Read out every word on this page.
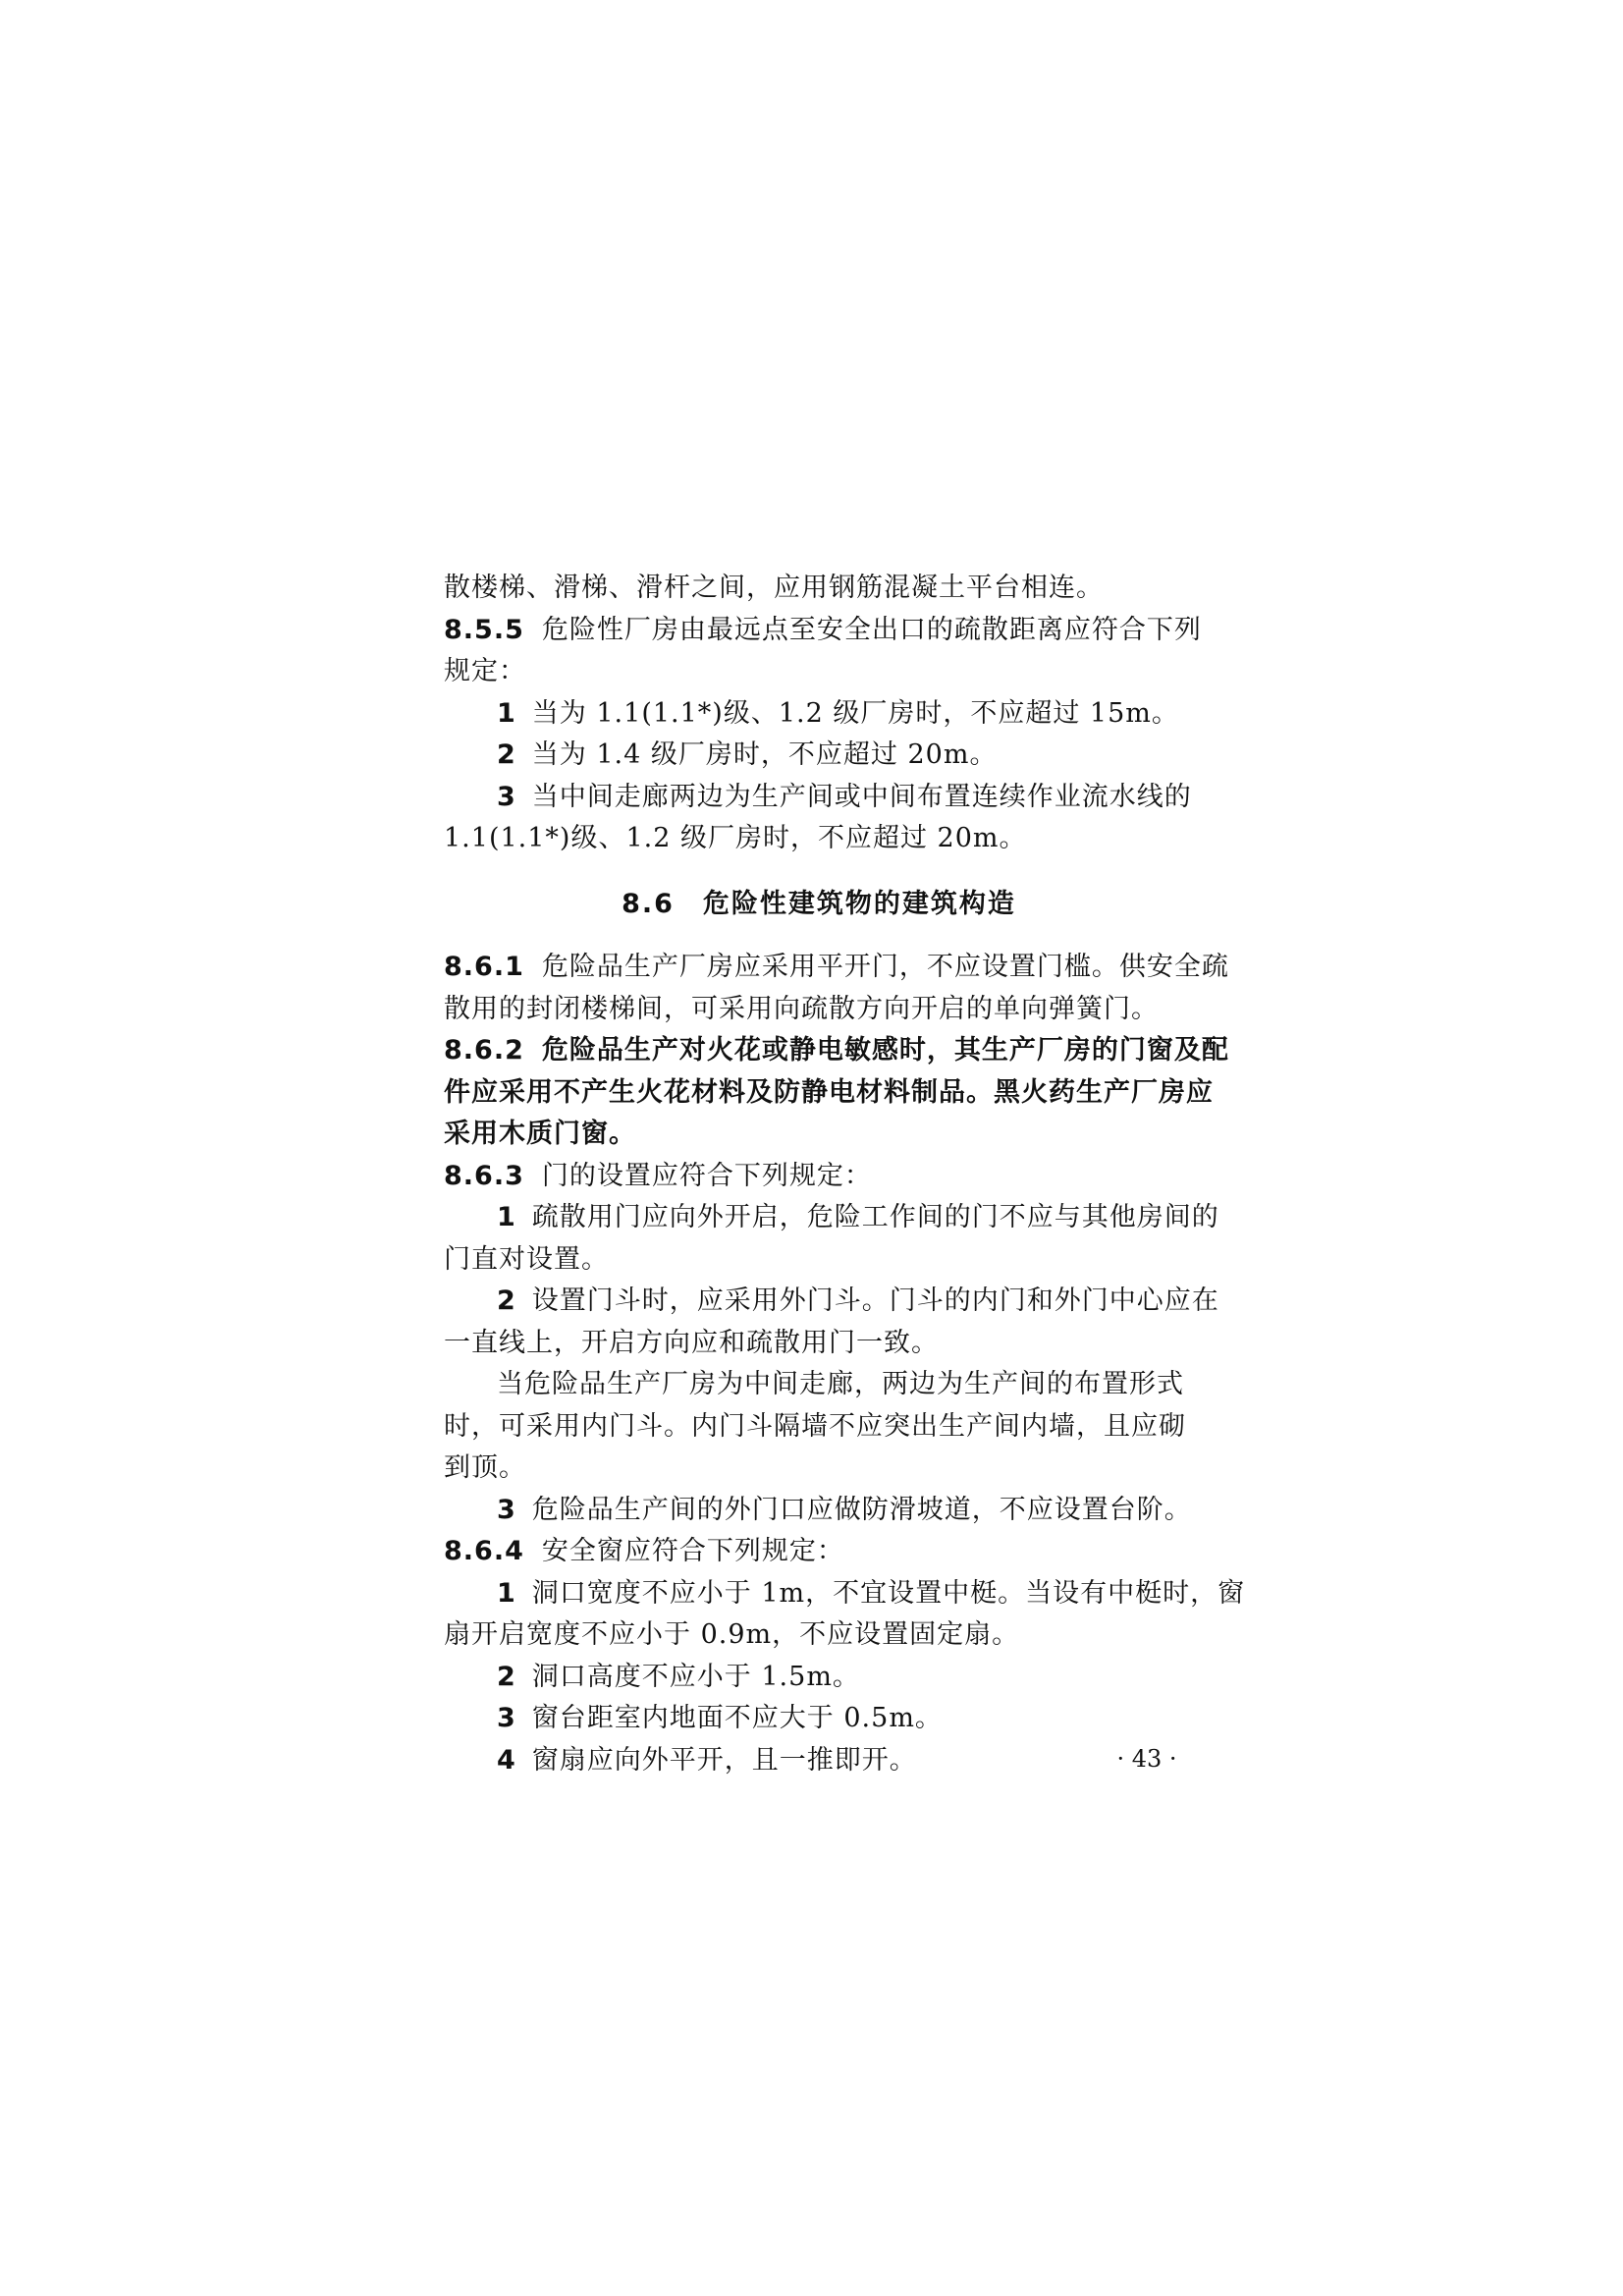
散楼梯、滑梯、滑杆之间，应用钢筋混凝土平台相连。
8.5.5 危险性厂房由最远点至安全出口的疏散距离应符合下列
规定：
1 当为 1.1(1.1*)级、1.2 级厂房时，不应超过 15m。
2 当为 1.4 级厂房时，不应超过 20m。
3 当中间走廊两边为生产间或中间布置连续作业流水线的
1.1(1.1*)级、1.2 级厂房时，不应超过 20m。
8.6　危险性建筑物的建筑构造
8.6.1 危险品生产厂房应采用平开门，不应设置门槛。供安全疏
散用的封闭楼梯间，可采用向疏散方向开启的单向弹簧门。
8.6.2 危险品生产对火花或静电敏感时，其生产厂房的门窗及配
件应采用不产生火花材料及防静电材料制品。黑火药生产厂房应
采用木质门窗。
8.6.3 门的设置应符合下列规定：
1 疏散用门应向外开启，危险工作间的门不应与其他房间的
门直对设置。
2 设置门斗时，应采用外门斗。门斗的内门和外门中心应在
一直线上，开启方向应和疏散用门一致。
当危险品生产厂房为中间走廊，两边为生产间的布置形式
时，可采用内门斗。内门斗隔墙不应突出生产间内墙，且应砌
到顶。
3 危险品生产间的外门口应做防滑坡道，不应设置台阶。
8.6.4 安全窗应符合下列规定：
1 洞口宽度不应小于 1m，不宜设置中梃。当设有中梃时，窗
扇开启宽度不应小于 0.9m，不应设置固定扇。
2 洞口高度不应小于 1.5m。
3 窗台距室内地面不应大于 0.5m。
4 窗扇应向外平开，且一推即开。	· 43 ·
